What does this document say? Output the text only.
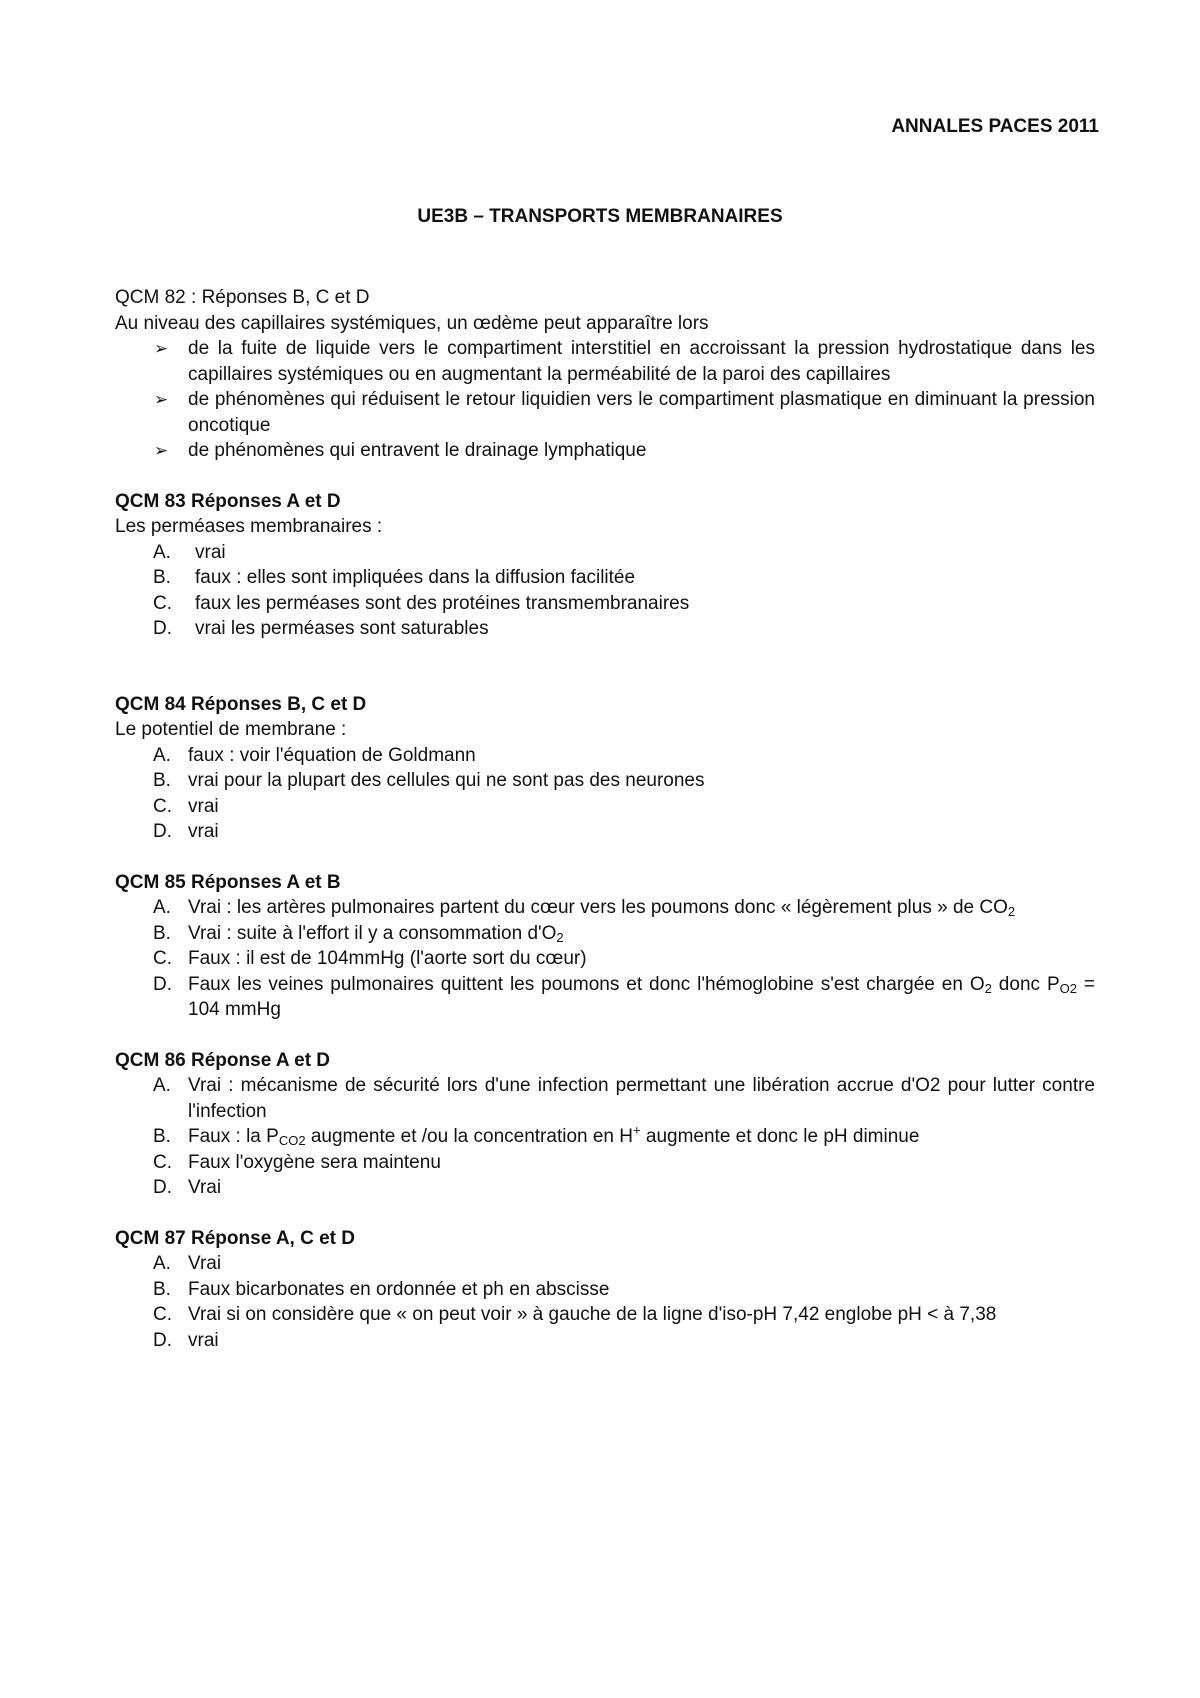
ANNALES PACES 2011
UE3B – TRANSPORTS MEMBRANAIRES

QCM 82 : Réponses B, C et D

Au niveau des capillaires systémiques, un œdème peut apparaître lors

➢ de la fuite de liquide vers le compartiment interstitiel en accroissant la pression hydrostatique dans les capillaires systémiques ou en augmentant la perméabilité de la paroi des capillaires
➢ de phénomènes qui réduisent le retour liquidien vers le compartiment plasmatique en diminuant la pression oncotique
➢ de phénomènes qui entravent le drainage lymphatique

QCM 83 Réponses A et D

Les perméases membranaires :

A. vrai
B. faux : elles sont impliquées dans la diffusion facilitée
C. faux les perméases sont des protéines transmembranaires
D. vrai les perméases sont saturables

QCM 84 Réponses B, C et D

Le potentiel de membrane :

A. faux : voir l'équation de Goldmann
B. vrai pour la plupart des cellules qui ne sont pas des neurones
C. vrai
D. vrai

QCM 85 Réponses A et B

A. Vrai : les artères pulmonaires partent du cœur vers les poumons donc « légèrement plus » de $CO_2$
B. Vrai : suite à l'effort il y a consommation $d'O_2$
C. Faux : il est de 104mmHg (l'aorte sort du cœur)
D. Faux les veines pulmonaires quittent les poumons et donc l'hémoglobine s'est chargée en $O_2$ donc $P_{O2} = 104$ mmHg

QCM 86 Réponse A et D

A. Vrai : mécanisme de sécurité lors d'une infection permettant une libération accrue d'O2 pour lutter contre l'infection
B. Faux : la $P_{CO2}$ augmente et /ou la concentration en H+ augmente et donc le pH diminue
C. Faux l'oxygène sera maintenu
D. Vrai

QCM 87 Réponse A, C et D

A. Vrai
B. Faux bicarbonates en ordonnée et ph en abscisse
C. Vrai si on considère que « on peut voir » à gauche de la ligne d'iso-pH 7,42 englobe pH < à 7,38
D. vrai
